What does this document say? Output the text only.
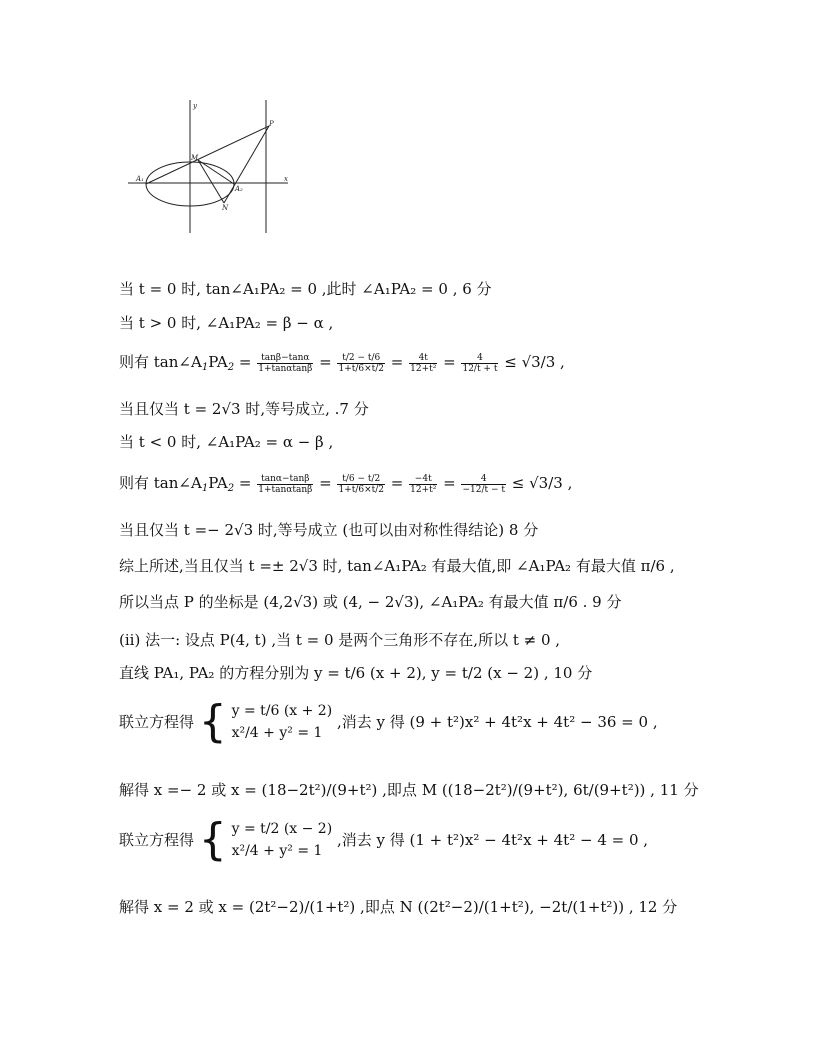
y
x
P
M
A₁
A₂
N
当 t = 0 时, tan∠A₁PA₂ = 0 ,此时 ∠A₁PA₂ = 0 , 6 分
当 t > 0 时, ∠A₁PA₂ = β − α ,
则有 $\tan\angle A_1PA_2 = \frac{\tan\beta-\tan\alpha}{1+\tan\alpha\tan\beta} = \frac{t/2 - t/6}{1+t/6\times t/2} = \frac{4t}{\text{12+t²}} = \frac{4}{12/t + t} \le √3/3$ ,
当且仅当 t = 2√3 时,等号成立, .7 分
当 t < 0 时, ∠A₁PA₂ = α − β ,
则有 $\tan\angle A_1PA_2 = \frac{\tan\alpha-\tan\beta}{1+\tan\alpha\tan\beta} = \frac{t/6 - t/2}{1+t/6\times t/2} = \frac{-4t}{\text{12+t²}} = \frac{4}{-12/t - t} \le √3/3$ ,
当且仅当 t =− 2√3 时,等号成立 (也可以由对称性得结论) 8 分
综上所述,当且仅当 t =± 2√3 时, tan∠A₁PA₂ 有最大值,即 ∠A₁PA₂ 有最大值 π/6 ,
所以当点 P 的坐标是 (4,2√3) 或 (4, − 2√3), ∠A₁PA₂ 有最大值 π/6 . 9 分
(ii) 法一: 设点 P(4, t) ,当 t = 0 是两个三角形不存在,所以 t ≠ 0 ,
直线 PA₁, PA₂ 的方程分别为 y = t/6 (x + 2), y = t/2 (x − 2) , 10 分
联立方程得 { y = t/6 (x + 2)
x²/4 + y² = 1
,消去 y 得 (9 + t²)x² + 4t²x + 4t² − 36 = 0 ,
解得 x =− 2 或 x = (18−2t²)/(9+t²) ,即点 M ((18−2t²)/(9+t²), 6t/(9+t²)) , 11 分
联立方程得 { y = t/2 (x − 2)
x²/4 + y² = 1
,消去 y 得 (1 + t²)x² − 4t²x + 4t² − 4 = 0 ,
解得 x = 2 或 x = (2t²−2)/(1+t²) ,即点 N ((2t²−2)/(1+t²), −2t/(1+t²)) , 12 分
